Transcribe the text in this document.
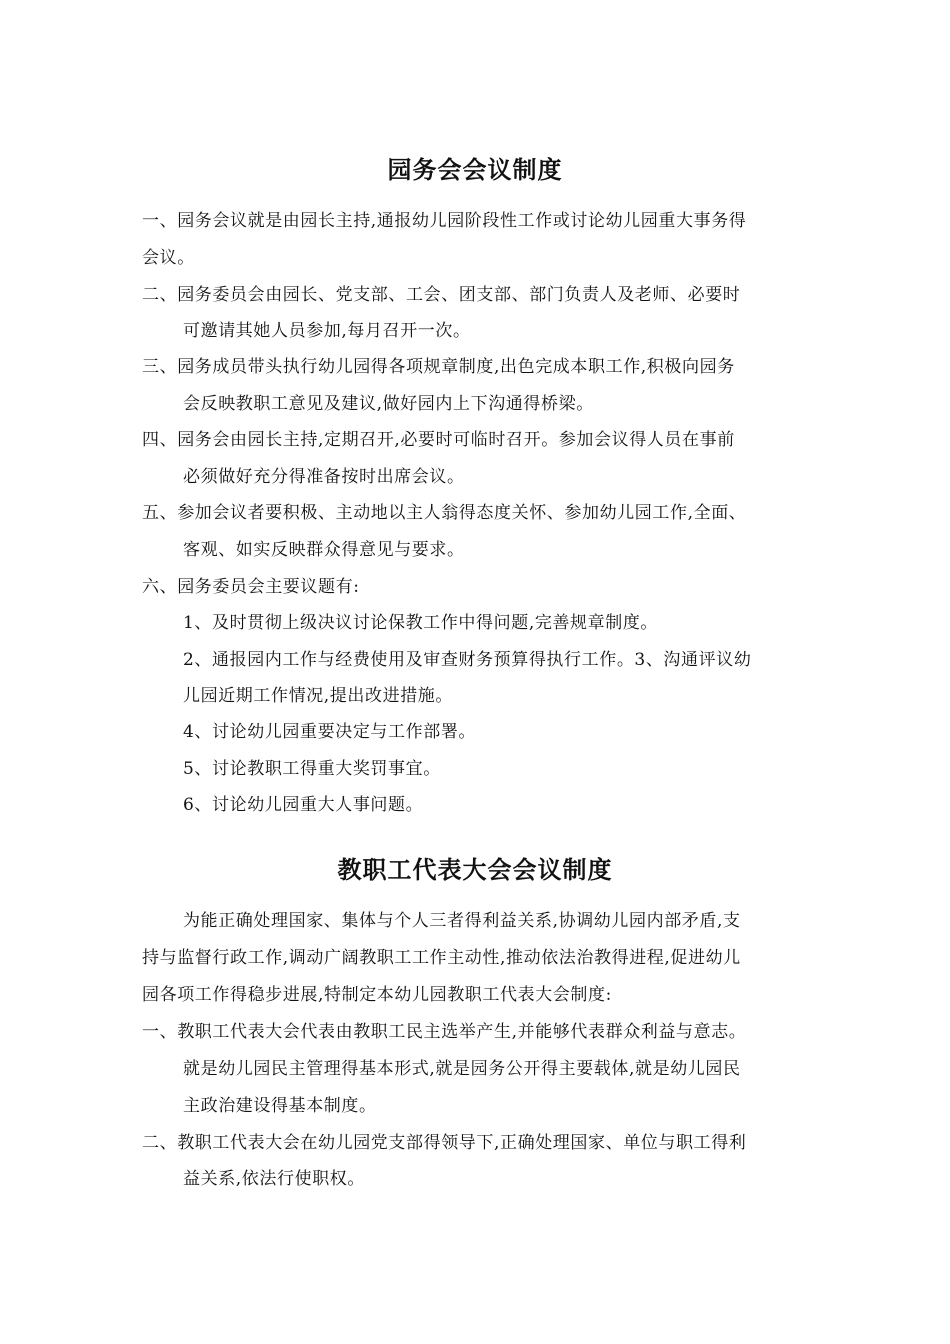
园务会会议制度
一、园务会议就是由园长主持,通报幼儿园阶段性工作或讨论幼儿园重大事务得
会议。
二、园务委员会由园长、党支部、工会、团支部、部门负责人及老师、必要时
可邀请其她人员参加,每月召开一次。
三、园务成员带头执行幼儿园得各项规章制度,出色完成本职工作,积极向园务
会反映教职工意见及建议,做好园内上下沟通得桥梁。
四、园务会由园长主持,定期召开,必要时可临时召开。参加会议得人员在事前
必须做好充分得准备按时出席会议。
五、参加会议者要积极、主动地以主人翁得态度关怀、参加幼儿园工作,全面、
客观、如实反映群众得意见与要求。
六、园务委员会主要议题有:
1、及时贯彻上级决议讨论保教工作中得问题,完善规章制度。
2、通报园内工作与经费使用及审查财务预算得执行工作。3、沟通评议幼
儿园近期工作情况,提出改进措施。
4、讨论幼儿园重要决定与工作部署。
5、讨论教职工得重大奖罚事宜。
6、讨论幼儿园重大人事问题。
教职工代表大会会议制度
为能正确处理国家、集体与个人三者得利益关系,协调幼儿园内部矛盾,支
持与监督行政工作,调动广阔教职工工作主动性,推动依法治教得进程,促进幼儿
园各项工作得稳步进展,特制定本幼儿园教职工代表大会制度:
一、教职工代表大会代表由教职工民主选举产生,并能够代表群众利益与意志。
就是幼儿园民主管理得基本形式,就是园务公开得主要载体,就是幼儿园民
主政治建设得基本制度。
二、教职工代表大会在幼儿园党支部得领导下,正确处理国家、单位与职工得利
益关系,依法行使职权。
